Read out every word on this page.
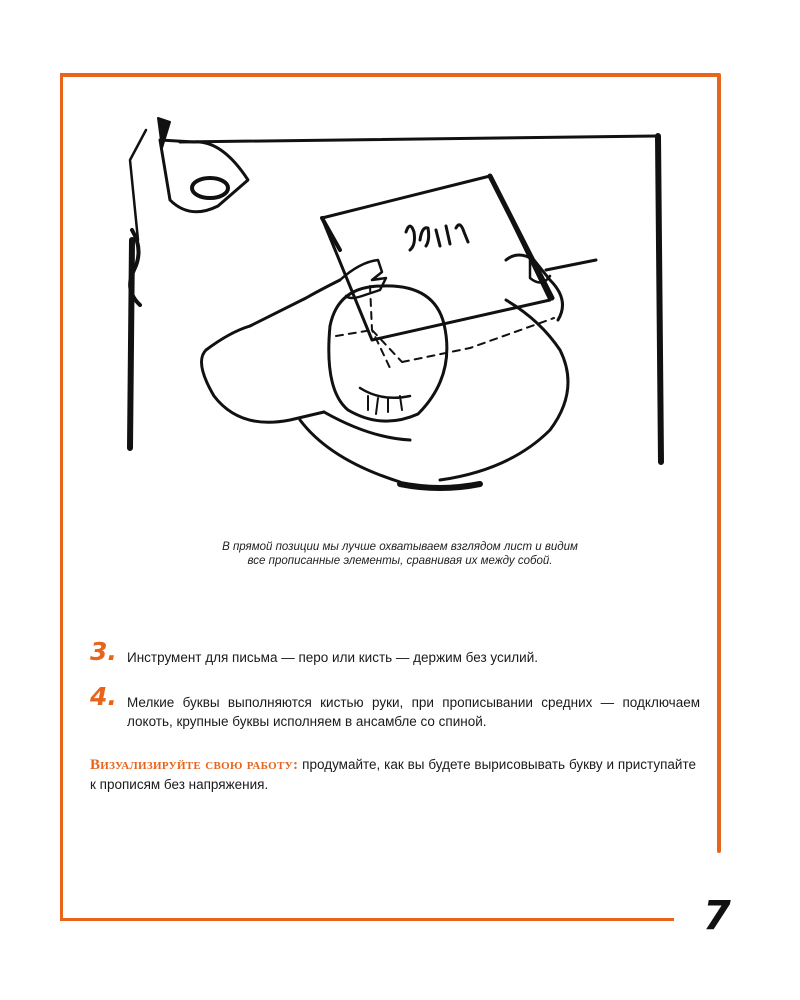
В прямой позиции мы лучше охватываем взглядом лист и видим
все прописанные элементы, сравнивая их между собой.
3. Инструмент для письма — перо или кисть — держим без усилий.
4. Мелкие буквы выполняются кистью руки, при прописывании средних — подключаем локоть, крупные буквы исполняем в ансамбле со спиной.
Визуализируйте свою работу: продумайте, как вы будете вырисовывать букву и приступайте к прописям без напряжения.
7
